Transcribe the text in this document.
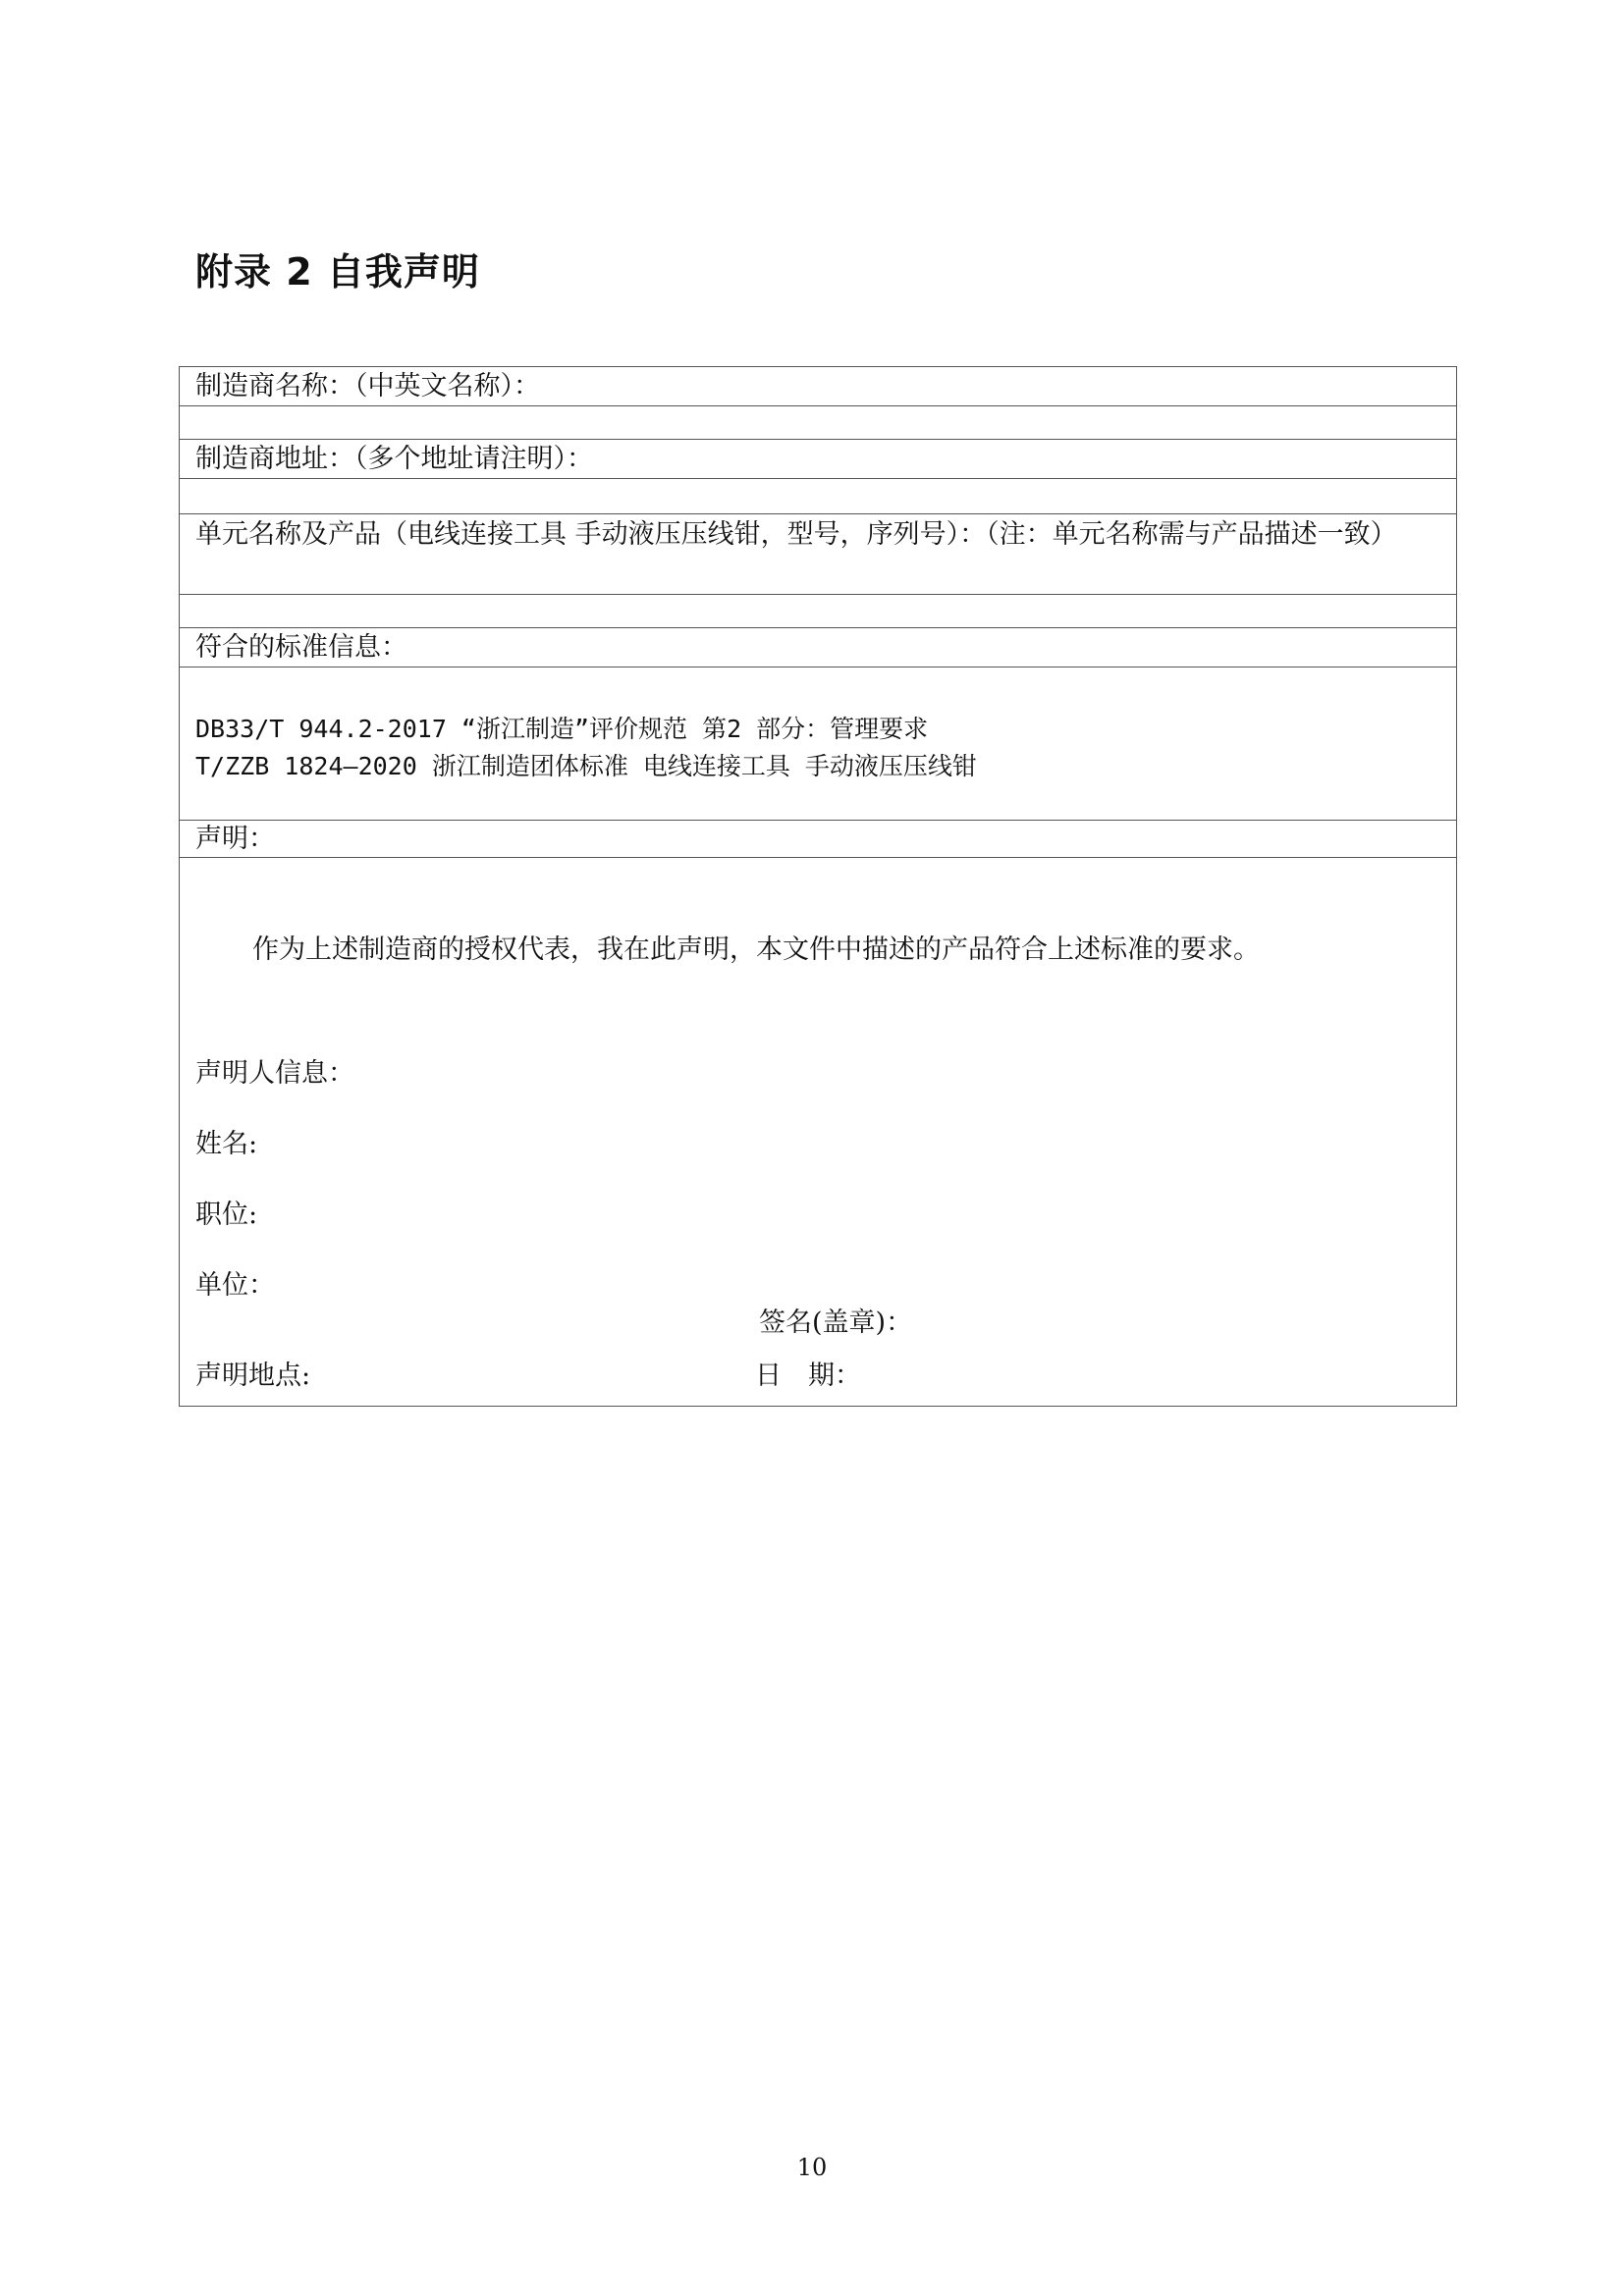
附录 2 自我声明
制造商名称：（中英文名称）：
制造商地址：（多个地址请注明）：
单元名称及产品（电线连接工具 手动液压压线钳，型号，序列号）：（注：单元名称需与产品描述一致）
符合的标准信息：
DB33/T 944.2-2017 “浙江制造”评价规范 第2 部分：管理要求
T/ZZB 1824—2020 浙江制造团体标准 电线连接工具 手动液压压线钳
声明：
作为上述制造商的授权代表，我在此声明，本文件中描述的产品符合上述标准的要求。
声明人信息：
姓名:
职位:
单位：
签名(盖章)：
声明地点:	日　期：
10
